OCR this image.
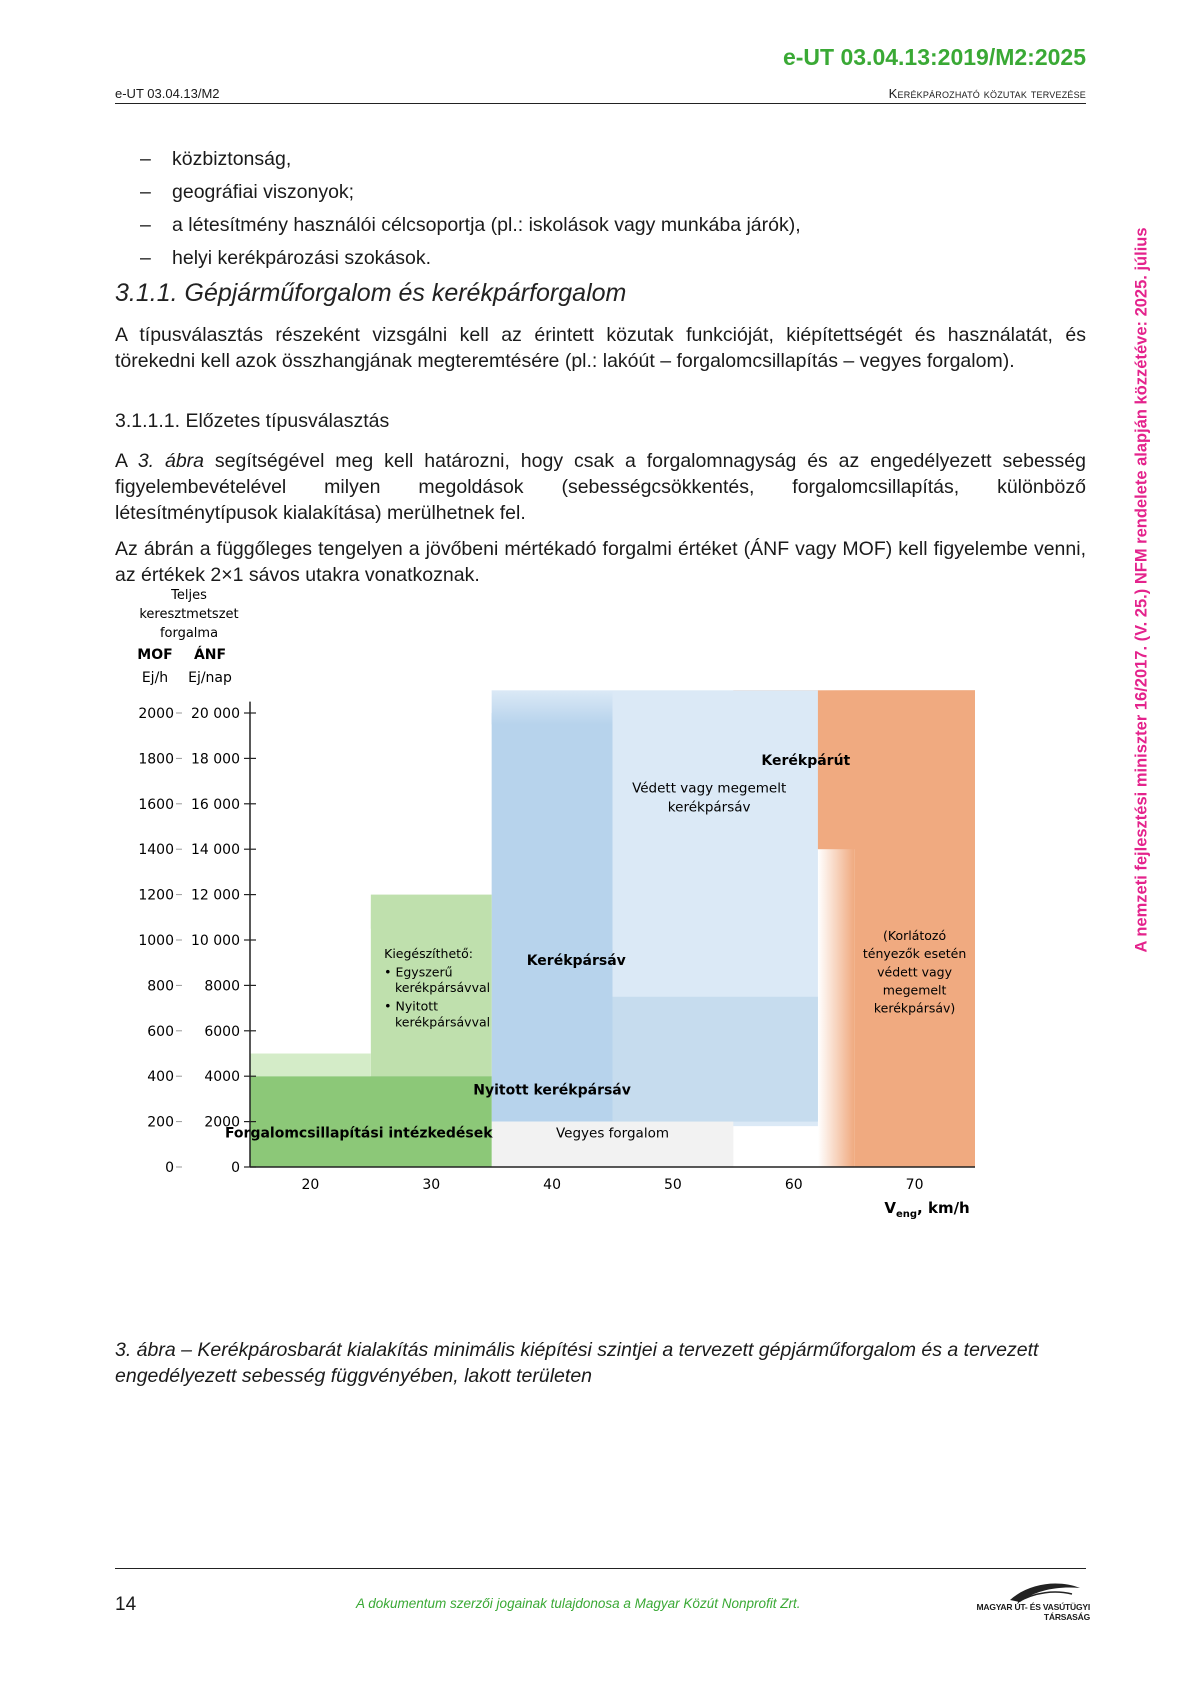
e-UT 03.04.13:2019/M2:2025
e-UT 03.04.13/M2	Kerékpározható közutak tervezése
– közbiztonság,
– geográfiai viszonyok;
– a létesítmény használói célcsoportja (pl.: iskolások vagy munkába járók),
– helyi kerékpározási szokások.
3.1.1. Gépjárműforgalom és kerékpárforgalom
A típusválasztás részeként vizsgálni kell az érintett közutak funkcióját, kiépítettségét és használatát, és törekedni kell azok összhangjának megteremtésére (pl.: lakóút – forgalomcsillapítás – vegyes forgalom).
3.1.1.1. Előzetes típusválasztás
A 3. ábra segítségével meg kell határozni, hogy csak a forgalomnagyság és az engedélyezett sebesség figyelembevételével milyen megoldások (sebességcsökkentés, forgalomcsillapítás, különböző létesítménytípusok kialakítása) merülhetnek fel.
Az ábrán a függőleges tengelyen a jövőbeni mértékadó forgalmi értéket (ÁNF vagy MOF) kell figyelembe venni, az értékek 2×1 sávos utakra vonatkoznak.
Teljes
keresztmetszet
forgalma
MOF ÁNF
Ej/h Ej/nap
20 000
2000
18 000
1800
16 000
1600
14 000
1400
12 000
1200
10 000
1000
8000
800
6000
600
4000
400
2000
200
0
0
20	30	40	50	60	70
$V_{eng}$, km/h
Kerékpárút
Védett vagy megemelt
kerékpársáv
Kerékpársáv
Nyitott kerékpársáv
Vegyes forgalom
Forgalomcsillapítási intézkedések
Kiegészíthető:
• Egyszerű
kerékpársávval
• Nyitott
kerékpársávval
(Korlátozó
tényezők esetén
védett vagy
megemelt
kerékpársáv)
3. ábra – Kerékpárosbarát kialakítás minimális kiépítési szintjei a tervezett gépjárműforgalom és a tervezett engedélyezett sebesség függvényében, lakott területen
A nemzeti fejlesztési miniszter 16/2017. (V. 25.) NFM rendelete alapján közzétéve: 2025. július
14	A dokumentum szerzői jogainak tulajdonosa a Magyar Közút Nonprofit Zrt.	MAGYAR ÚT- ÉS VASÚTÜGYI TÁRSASÁG
